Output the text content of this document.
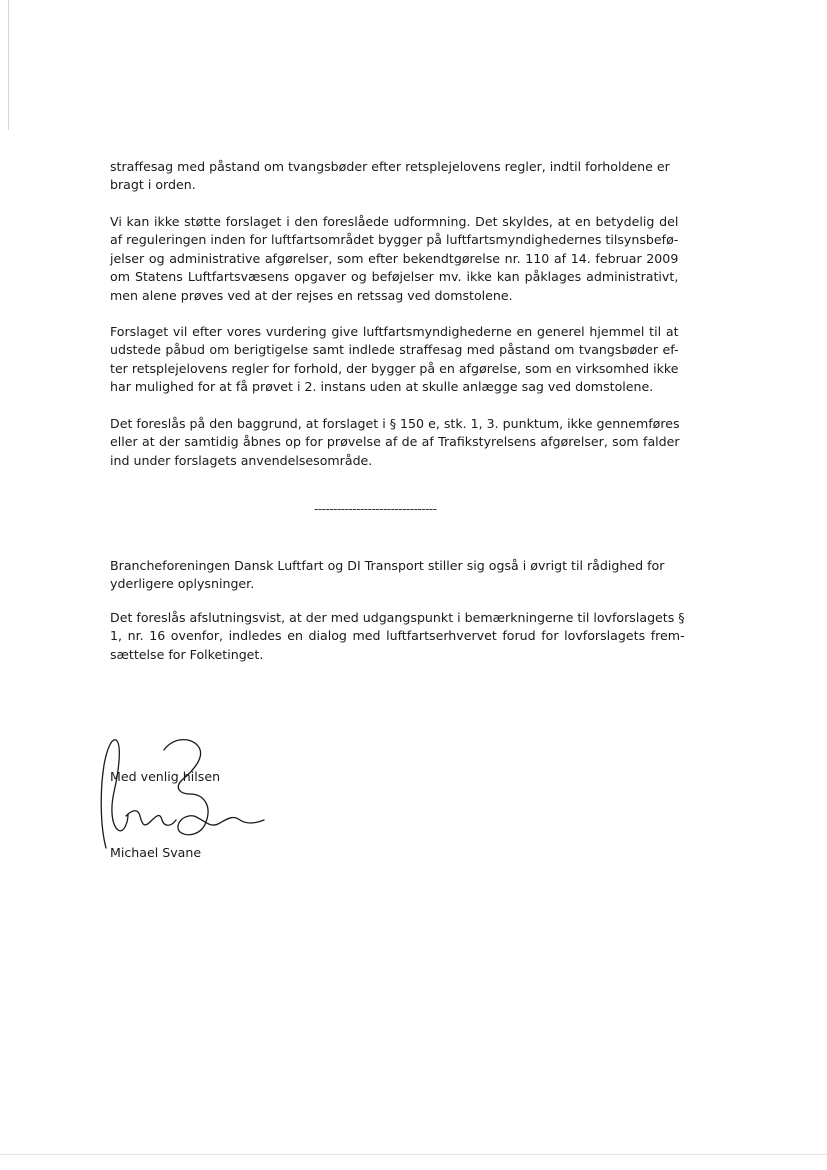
straffesag med påstand om tvangsbøder efter retsplejelovens regler, indtil forholdene er
bragt i orden.

Vi kan ikke støtte forslaget i den foreslåede udformning. Det skyldes, at en betydelig del
af reguleringen inden for luftfartsområdet bygger på luftfartsmyndighedernes tilsynsbefø-
jelser og administrative afgørelser, som efter bekendtgørelse nr. 110 af 14. februar 2009
om Statens Luftfartsvæsens opgaver og beføjelser mv. ikke kan påklages administrativt,
men alene prøves ved at der rejses en retssag ved domstolene.

Forslaget vil efter vores vurdering give luftfartsmyndighederne en generel hjemmel til at
udstede påbud om berigtigelse samt indlede straffesag med påstand om tvangsbøder ef-
ter retsplejelovens regler for forhold, der bygger på en afgørelse, som en virksomhed ikke
har mulighed for at få prøvet i 2. instans uden at skulle anlægge sag ved domstolene.

Det foreslås på den baggrund, at forslaget i § 150 e, stk. 1, 3. punktum, ikke gennemføres
eller at der samtidig åbnes op for prøvelse af de af Trafikstyrelsens afgørelser, som falder
ind under forslagets anvendelsesområde.

--------------------------------

Brancheforeningen Dansk Luftfart og DI Transport stiller sig også i øvrigt til rådighed for
yderligere oplysninger.

Det foreslås afslutningsvist, at der med udgangspunkt i bemærkningerne til lovforslagets §
1, nr. 16 ovenfor, indledes en dialog med luftfartserhvervet forud for lovforslagets frem-
sættelse for Folketinget.

Med venlig hilsen
Michael Svane
